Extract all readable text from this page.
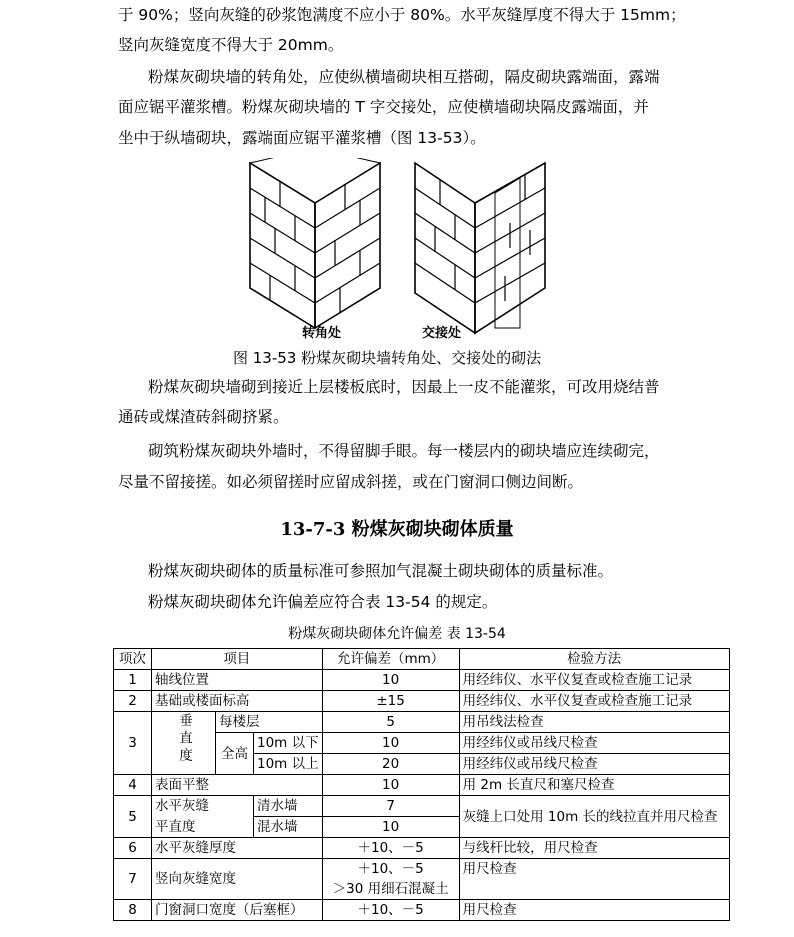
于 90%；竖向灰缝的砂浆饱满度不应小于 80%。水平灰缝厚度不得大于 15mm；
竖向灰缝宽度不得大于 20mm。
粉煤灰砌块墙的转角处，应使纵横墙砌块相互搭砌，隔皮砌块露端面，露端
面应锯平灌浆槽。粉煤灰砌块墙的 T 字交接处，应使横墙砌块隔皮露端面，并
坐中于纵墙砌块，露端面应锯平灌浆槽（图 13-53）。
转角处	交接处
图 13-53 粉煤灰砌块墙转角处、交接处的砌法
粉煤灰砌块墙砌到接近上层楼板底时，因最上一皮不能灌浆，可改用烧结普
通砖或煤渣砖斜砌挤紧。
砌筑粉煤灰砌块外墙时，不得留脚手眼。每一楼层内的砌块墙应连续砌完，
尽量不留接搓。如必须留搓时应留成斜搓，或在门窗洞口侧边间断。
13-7-3 粉煤灰砌块砌体质量
粉煤灰砌块砌体的质量标准可参照加气混凝土砌块砌体的质量标准。
粉煤灰砌块砌体允许偏差应符合表 13-54 的规定。
粉煤灰砌块砌体允许偏差 表 13-54
项次	项目			允许偏差（mm）	检验方法
1	轴线位置			10	用经纬仪、水平仪复查或检查施工记录
2	基础或楼面标高			±15	用经纬仪、水平仪复查或检查施工记录
3	垂直度	每楼层		5	用吊线法检查
		全高	10m 以下	10	用经纬仪或吊线尺检查
			10m 以上	20	用经纬仪或吊线尺检查
4	表面平整			10	用 2m 长直尺和塞尺检查
5	水平灰缝		清水墙	7	灰缝上口处用 10m 长的线拉直并用尺检查
	平直度		混水墙	10	
6	水平灰缝厚度			＋10、－5	与线杆比较，用尺检查
7	竖向灰缝宽度			＋10、－5	用尺检查
				＞30 用细石混凝土	
8	门窗洞口宽度（后塞框）			＋10、－5	用尺检查
